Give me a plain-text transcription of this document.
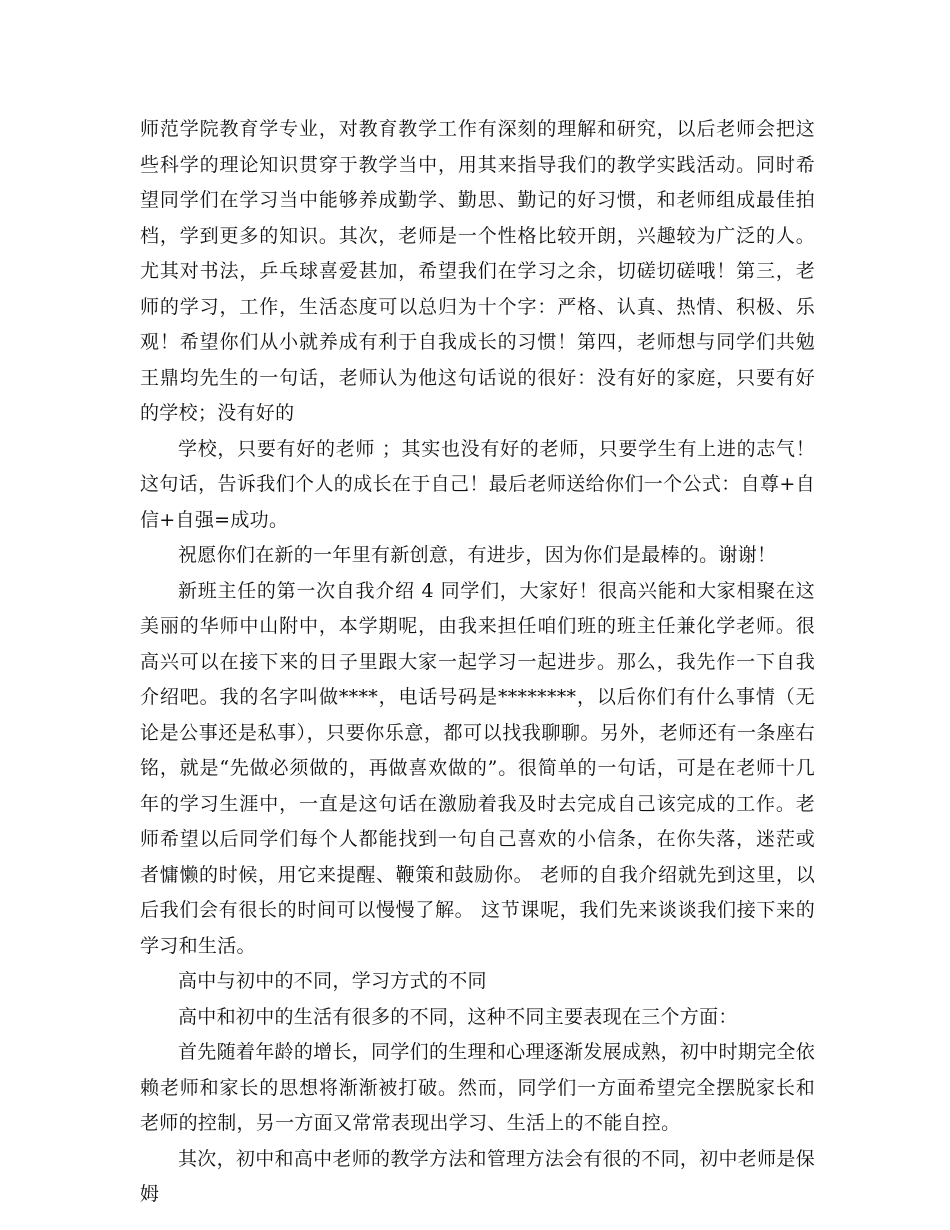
师范学院教育学专业，对教育教学工作有深刻的理解和研究，以后老师会把这些科学的理论知识贯穿于教学当中，用其来指导我们的教学实践活动。同时希望同学们在学习当中能够养成勤学、勤思、勤记的好习惯，和老师组成最佳拍档，学到更多的知识。其次，老师是一个性格比较开朗，兴趣较为广泛的人。尤其对书法，乒乓球喜爱甚加，希望我们在学习之余，切磋切磋哦！第三，老师的学习，工作，生活态度可以总归为十个字：严格、认真、热情、积极、乐观！希望你们从小就养成有利于自我成长的习惯！第四，老师想与同学们共勉王鼎均先生的一句话，老师认为他这句话说的很好：没有好的家庭，只要有好的学校；没有好的

学校，只要有好的老师 ；其实也没有好的老师，只要学生有上进的志气！这句话，告诉我们个人的成长在于自己！最后老师送给你们一个公式：自尊+自信+自强=成功。

祝愿你们在新的一年里有新创意，有进步，因为你们是最棒的。谢谢！

新班主任的第一次自我介绍 4 同学们，大家好！很高兴能和大家相聚在这美丽的华师中山附中，本学期呢，由我来担任咱们班的班主任兼化学老师。很高兴可以在接下来的日子里跟大家一起学习一起进步。那么，我先作一下自我介绍吧。我的名字叫做****，电话号码是********，以后你们有什么事情（无论是公事还是私事），只要你乐意，都可以找我聊聊。另外，老师还有一条座右铭，就是“先做必须做的，再做喜欢做的”。很简单的一句话，可是在老师十几年的学习生涯中，一直是这句话在激励着我及时去完成自己该完成的工作。老师希望以后同学们每个人都能找到一句自己喜欢的小信条，在你失落，迷茫或者慵懒的时候，用它来提醒、鞭策和鼓励你。 老师的自我介绍就先到这里，以后我们会有很长的时间可以慢慢了解。 这节课呢，我们先来谈谈我们接下来的学习和生活。

高中与初中的不同，学习方式的不同

高中和初中的生活有很多的不同，这种不同主要表现在三个方面：

首先随着年龄的增长，同学们的生理和心理逐渐发展成熟，初中时期完全依赖老师和家长的思想将渐渐被打破。然而，同学们一方面希望完全摆脱家长和老师的控制，另一方面又常常表现出学习、生活上的不能自控。

其次，初中和高中老师的教学方法和管理方法会有很的不同，初中老师是保姆
